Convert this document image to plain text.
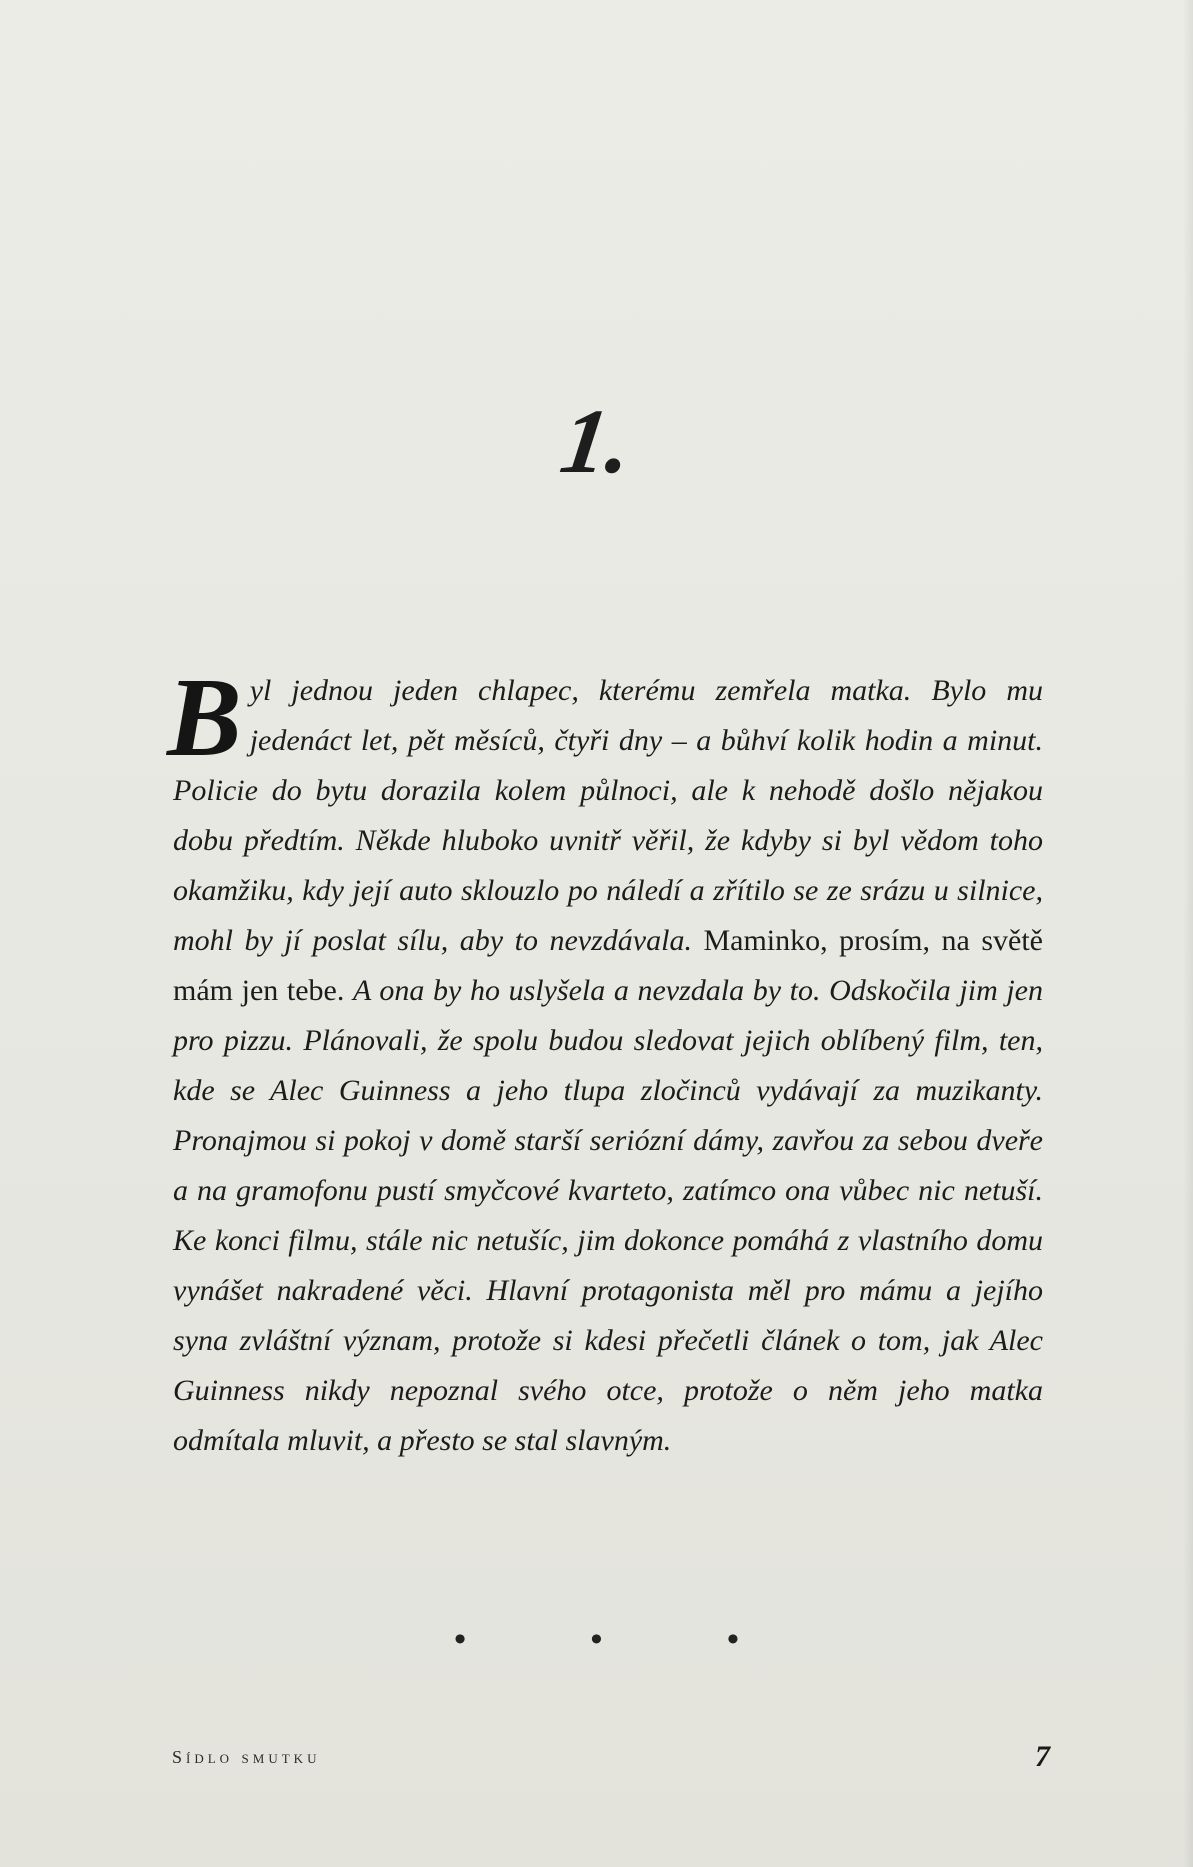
1.
Byl jednou jeden chlapec, kterému zemřela matka. Bylo mu jedenáct let, pět měsíců, čtyři dny – a bůhví kolik hodin a minut. Policie do bytu dorazila kolem půlnoci, ale k nehodě došlo nějakou dobu předtím. Někde hluboko uvnitř věřil, že kdyby si byl vědom toho okamžiku, kdy její auto sklouzlo po náledí a zřítilo se ze srázu u silnice, mohl by jí poslat sílu, aby to nevzdávala. Maminko, prosím, na světě mám jen tebe. A ona by ho uslyšela a nevzdala by to. Odskočila jim jen pro pizzu. Plánovali, že spolu budou sledovat jejich oblíbený film, ten, kde se Alec Guinness a jeho tlupa zločinců vydávají za muzikanty. Pronajmou si pokoj v domě starší seriózní dámy, zavřou za sebou dveře a na gramofonu pustí smyčcové kvarteto, zatímco ona vůbec nic netuší. Ke konci filmu, stále nic netušíc, jim dokonce pomáhá z vlastního domu vynášet nakradené věci. Hlavní protagonista měl pro mámu a jejího syna zvláštní význam, protože si kdesi přečetli článek o tom, jak Alec Guinness nikdy nepoznal svého otce, protože o něm jeho matka odmítala mluvit, a přesto se stal slavným.
• • •
Sídlo smutku	7
